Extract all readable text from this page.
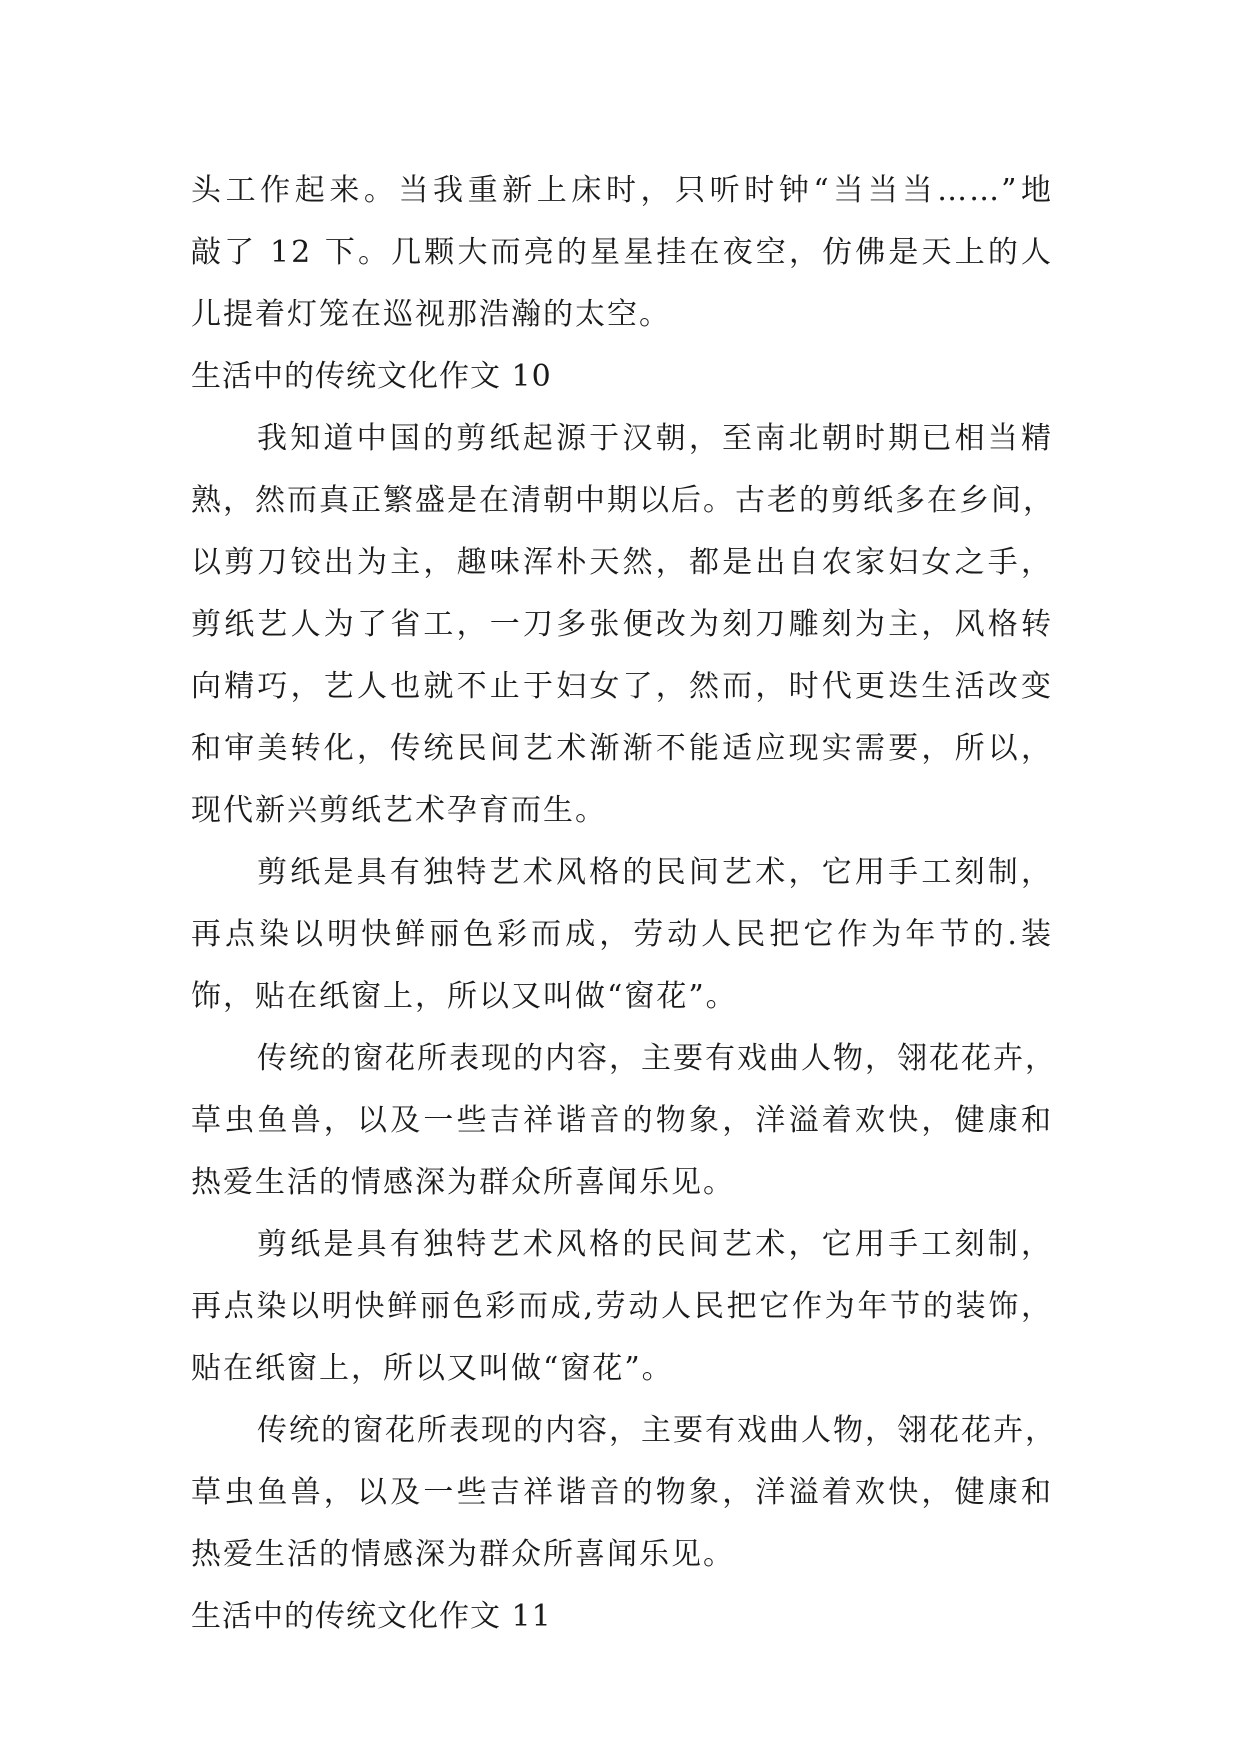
头工作起来。当我重新上床时，只听时钟“当当当……”地
敲了 12 下。几颗大而亮的星星挂在夜空，仿佛是天上的人
儿提着灯笼在巡视那浩瀚的太空。
生活中的传统文化作文 10
我知道中国的剪纸起源于汉朝，至南北朝时期已相当精
熟，然而真正繁盛是在清朝中期以后。古老的剪纸多在乡间，
以剪刀铰出为主，趣味浑朴天然，都是出自农家妇女之手，
剪纸艺人为了省工，一刀多张便改为刻刀雕刻为主，风格转
向精巧，艺人也就不止于妇女了，然而，时代更迭生活改变
和审美转化，传统民间艺术渐渐不能适应现实需要，所以，
现代新兴剪纸艺术孕育而生。
剪纸是具有独特艺术风格的民间艺术，它用手工刻制，
再点染以明快鲜丽色彩而成，劳动人民把它作为年节的.装
饰，贴在纸窗上，所以又叫做“窗花”。
传统的窗花所表现的内容，主要有戏曲人物，翎花花卉，
草虫鱼兽，以及一些吉祥谐音的物象，洋溢着欢快，健康和
热爱生活的情感深为群众所喜闻乐见。
剪纸是具有独特艺术风格的民间艺术，它用手工刻制，
再点染以明快鲜丽色彩而成,劳动人民把它作为年节的装饰，
贴在纸窗上，所以又叫做“窗花”。
传统的窗花所表现的内容，主要有戏曲人物，翎花花卉，
草虫鱼兽，以及一些吉祥谐音的物象，洋溢着欢快，健康和
热爱生活的情感深为群众所喜闻乐见。
生活中的传统文化作文 11
